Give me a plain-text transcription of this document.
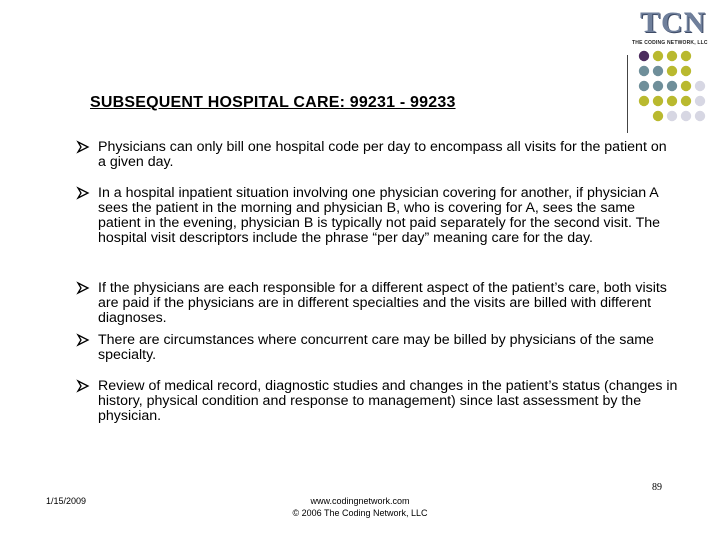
TCN
THE CODING NETWORK, LLC
SUBSEQUENT HOSPITAL CARE: 99231 - 99233
Physicians can only bill one hospital code per day to encompass all visits for the patient on a given day.
In a hospital inpatient situation involving one physician covering for another, if physician A sees the patient in the morning and physician B, who is covering for A, sees the same patient in the evening, physician B is typically not paid separately for the second visit. The hospital visit descriptors include the phrase “per day” meaning care for the day.
If the physicians are each responsible for a different aspect of the patient’s care, both visits are paid if the physicians are in different specialties and the visits are billed with different diagnoses.
There are circumstances where concurrent care may be billed by physicians of the same specialty.
Review of medical record, diagnostic studies and changes in the patient’s status (changes in history, physical condition and response to management) since last assessment by the physician.
89
1/15/2009	www.codingnetwork.com
© 2006 The Coding Network, LLC
